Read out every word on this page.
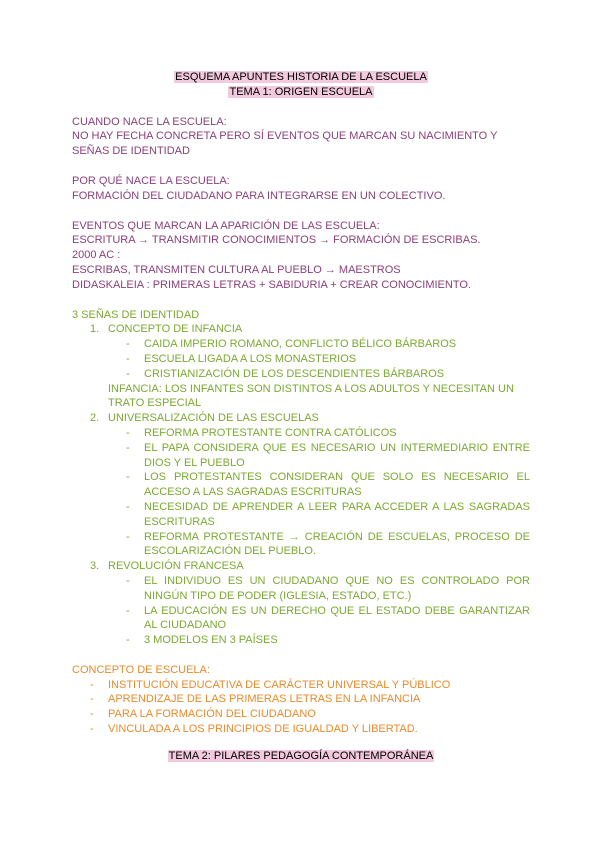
ESQUEMA APUNTES HISTORIA DE LA ESCUELA
TEMA 1: ORIGEN ESCUELA

CUANDO NACE LA ESCUELA:

NO HAY FECHA CONCRETA PERO SÍ EVENTOS QUE MARCAN SU NACIMIENTO Y SEÑAS DE IDENTIDAD

POR QUÉ NACE LA ESCUELA:

FORMACIÓN DEL CIUDADANO PARA INTEGRARSE EN UN COLECTIVO.

EVENTOS QUE MARCAN LA APARICIÓN DE LAS ESCUELA:

ESCRITURA → TRANSMITIR CONOCIMIENTOS → FORMACIÓN DE ESCRIBAS.

2000 AC :

ESCRIBAS, TRANSMITEN CULTURA AL PUEBLO → MAESTROS

DIDASKALEIA : PRIMERAS LETRAS + SABIDURIA + CREAR CONOCIMIENTO.

3 SEÑAS DE IDENTIDAD

1. CONCEPTO DE INFANCIA
- CAIDA IMPERIO ROMANO, CONFLICTO BÉLICO BÁRBAROS
- ESCUELA LIGADA A LOS MONASTERIOS
- CRISTIANIZACIÓN DE LOS DESCENDIENTES BÁRBAROS
INFANCIA: LOS INFANTES SON DISTINTOS A LOS ADULTOS Y NECESITAN UN TRATO ESPECIAL
2. UNIVERSALIZACIÓN DE LAS ESCUELAS
- REFORMA PROTESTANTE CONTRA CATÓLICOS
- EL PAPA CONSIDERA QUE ES NECESARIO UN INTERMEDIARIO ENTRE DIOS Y EL PUEBLO
- LOS PROTESTANTES CONSIDERAN QUE SOLO ES NECESARIO EL ACCESO A LAS SAGRADAS ESCRITURAS
- NECESIDAD DE APRENDER A LEER PARA ACCEDER A LAS SAGRADAS ESCRITURAS
- REFORMA PROTESTANTE → CREACIÓN DE ESCUELAS, PROCESO DE ESCOLARIZACIÓN DEL PUEBLO.
3. REVOLUCIÓN FRANCESA
- EL INDIVIDUO ES UN CIUDADANO QUE NO ES CONTROLADO POR NINGÚN TIPO DE PODER (IGLESIA, ESTADO, ETC.)
- LA EDUCACIÓN ES UN DERECHO QUE EL ESTADO DEBE GARANTIZAR AL CIUDADANO
- 3 MODELOS EN 3 PAÍSES

CONCEPTO DE ESCUELA:

- INSTITUCIÓN EDUCATIVA DE CARÁCTER UNIVERSAL Y PÚBLICO
- APRENDIZAJE DE LAS PRIMERAS LETRAS EN LA INFANCIA
- PARA LA FORMACIÓN DEL CIUDADANO
- VINCULADA A LOS PRINCIPIOS DE IGUALDAD Y LIBERTAD.
TEMA 2: PILARES PEDAGOGÍA CONTEMPORÁNEA
